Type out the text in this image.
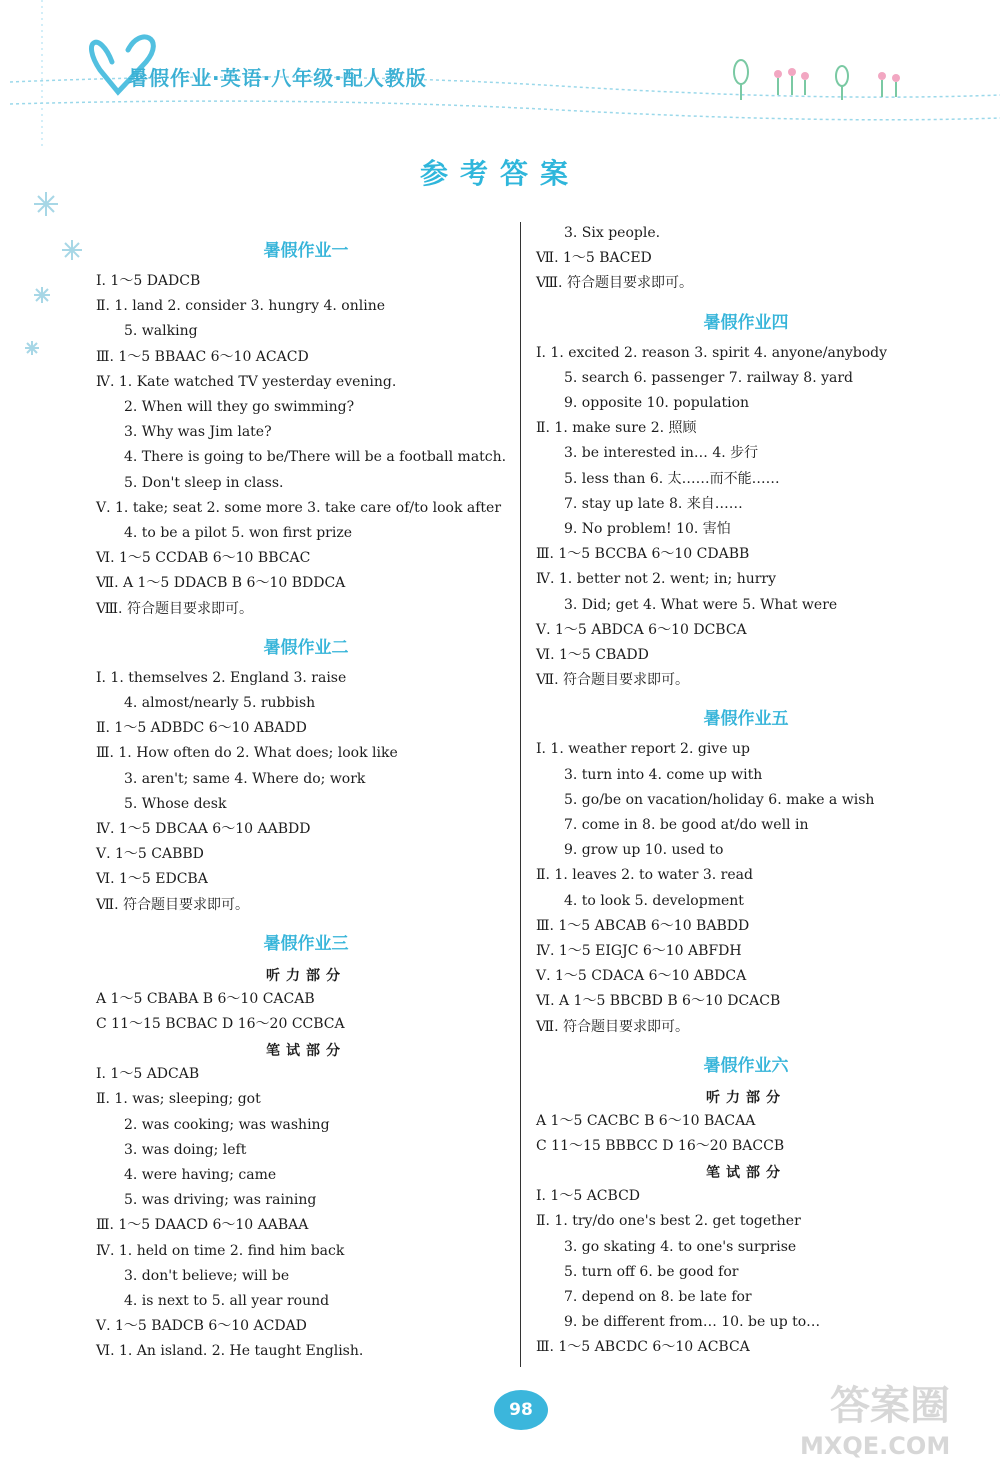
暑假作业·英语·八年级·配人教版
参考答案
暑假作业一
Ⅰ. 1～5 DADCB
Ⅱ. 1. land 2. consider 3. hungry 4. online
5. walking
Ⅲ. 1～5 BBAAC 6～10 ACACD
Ⅳ. 1. Kate watched TV yesterday evening.
2. When will they go swimming?
3. Why was Jim late?
4. There is going to be/There will be a football match.
5. Don't sleep in class.
Ⅴ. 1. take; seat 2. some more 3. take care of/to look after
4. to be a pilot 5. won first prize
Ⅵ. 1～5 CCDAB 6～10 BBCAC
Ⅶ. A 1～5 DDACB B 6～10 BDDCA
Ⅷ. 符合题目要求即可。
暑假作业二
Ⅰ. 1. themselves 2. England 3. raise
4. almost/nearly 5. rubbish
Ⅱ. 1～5 ADBDC 6～10 ABADD
Ⅲ. 1. How often do 2. What does; look like
3. aren't; same 4. Where do; work
5. Whose desk
Ⅳ. 1～5 DBCAA 6～10 AABDD
Ⅴ. 1～5 CABBD
Ⅵ. 1～5 EDCBA
Ⅶ. 符合题目要求即可。
暑假作业三
听力部分
A 1～5 CBABA B 6～10 CACAB
C 11～15 BCBAC D 16～20 CCBCA
笔试部分
Ⅰ. 1～5 ADCAB
Ⅱ. 1. was; sleeping; got
2. was cooking; was washing
3. was doing; left
4. were having; came
5. was driving; was raining
Ⅲ. 1～5 DAACD 6～10 AABAA
Ⅳ. 1. held on time 2. find him back
3. don't believe; will be
4. is next to 5. all year round
Ⅴ. 1～5 BADCB 6～10 ACDAD
Ⅵ. 1. An island. 2. He taught English.
3. Six people.
Ⅶ. 1～5 BACED
Ⅷ. 符合题目要求即可。
暑假作业四
Ⅰ. 1. excited 2. reason 3. spirit 4. anyone/anybody
5. search 6. passenger 7. railway 8. yard
9. opposite 10. population
Ⅱ. 1. make sure 2. 照顾
3. be interested in… 4. 步行
5. less than 6. 太……而不能……
7. stay up late 8. 来自……
9. No problem! 10. 害怕
Ⅲ. 1～5 BCCBA 6～10 CDABB
Ⅳ. 1. better not 2. went; in; hurry
3. Did; get 4. What were 5. What were
Ⅴ. 1～5 ABDCA 6～10 DCBCA
Ⅵ. 1～5 CBADD
Ⅶ. 符合题目要求即可。
暑假作业五
Ⅰ. 1. weather report 2. give up
3. turn into 4. come up with
5. go/be on vacation/holiday 6. make a wish
7. come in 8. be good at/do well in
9. grow up 10. used to
Ⅱ. 1. leaves 2. to water 3. read
4. to look 5. development
Ⅲ. 1～5 ABCAB 6～10 BABDD
Ⅳ. 1～5 EIGJC 6～10 ABFDH
Ⅴ. 1～5 CDACA 6～10 ABDCA
Ⅵ. A 1～5 BBCBD B 6～10 DCACB
Ⅶ. 符合题目要求即可。
暑假作业六
听力部分
A 1～5 CACBC B 6～10 BACAA
C 11～15 BBBCC D 16～20 BACCB
笔试部分
Ⅰ. 1～5 ACBCD
Ⅱ. 1. try/do one's best 2. get together
3. go skating 4. to one's surprise
5. turn off 6. be good for
7. depend on 8. be late for
9. be different from… 10. be up to…
Ⅲ. 1～5 ABCDC 6～10 ACBCA
98	答案圈
MXQE.COM
